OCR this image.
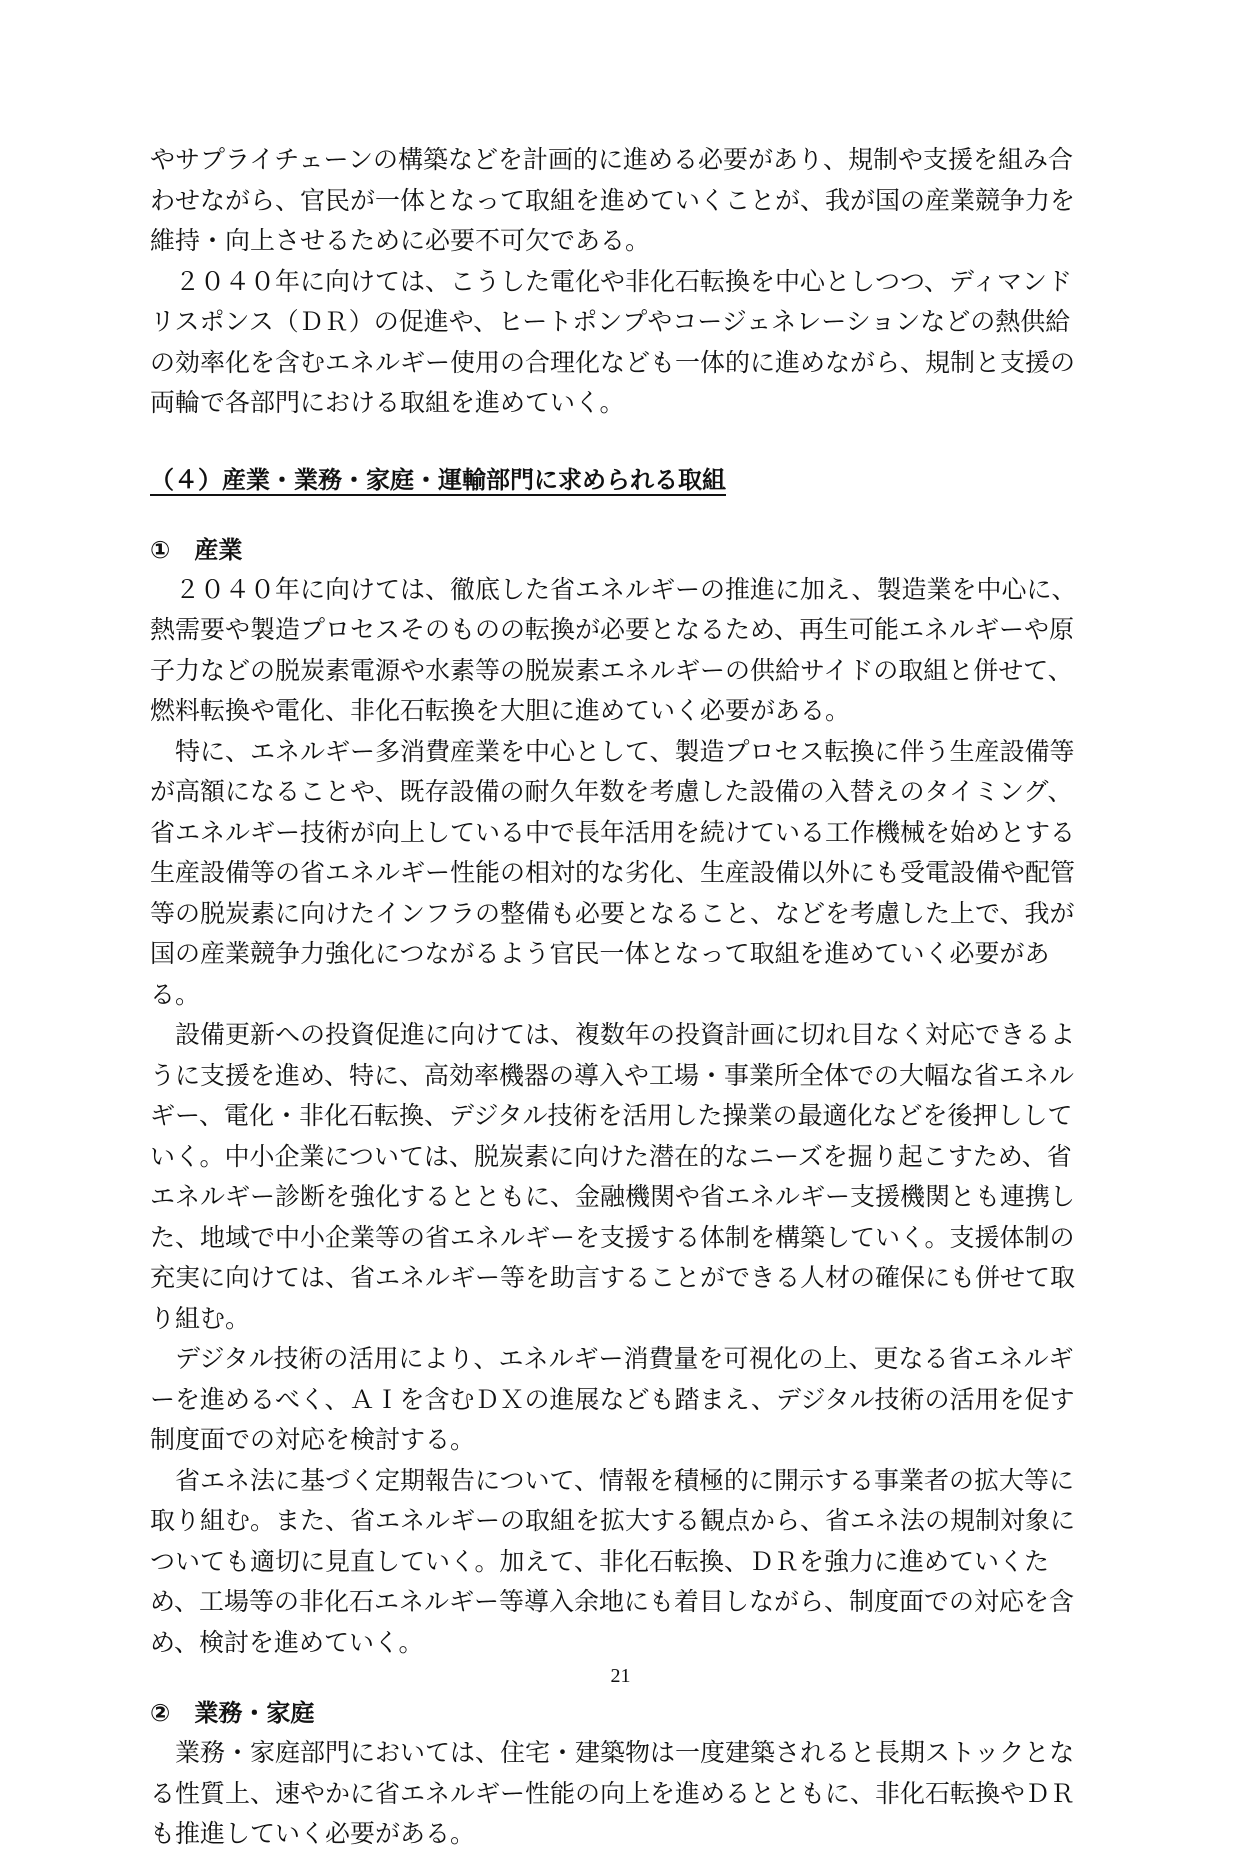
やサプライチェーンの構築などを計画的に進める必要があり、規制や支援を組み合わせながら、官民が一体となって取組を進めていくことが、我が国の産業競争力を維持・向上させるために必要不可欠である。

２０４０年に向けては、こうした電化や非化石転換を中心としつつ、ディマンドリスポンス（ＤＲ）の促進や、ヒートポンプやコージェネレーションなどの熱供給の効率化を含むエネルギー使用の合理化なども一体的に進めながら、規制と支援の両輪で各部門における取組を進めていく。

（４）産業・業務・家庭・運輸部門に求められる取組
①　産業

２０４０年に向けては、徹底した省エネルギーの推進に加え、製造業を中心に、熱需要や製造プロセスそのものの転換が必要となるため、再生可能エネルギーや原子力などの脱炭素電源や水素等の脱炭素エネルギーの供給サイドの取組と併せて、燃料転換や電化、非化石転換を大胆に進めていく必要がある。

特に、エネルギー多消費産業を中心として、製造プロセス転換に伴う生産設備等が高額になることや、既存設備の耐久年数を考慮した設備の入替えのタイミング、省エネルギー技術が向上している中で長年活用を続けている工作機械を始めとする生産設備等の省エネルギー性能の相対的な劣化、生産設備以外にも受電設備や配管等の脱炭素に向けたインフラの整備も必要となること、などを考慮した上で、我が国の産業競争力強化につながるよう官民一体となって取組を進めていく必要がある。

設備更新への投資促進に向けては、複数年の投資計画に切れ目なく対応できるように支援を進め、特に、高効率機器の導入や工場・事業所全体での大幅な省エネルギー、電化・非化石転換、デジタル技術を活用した操業の最適化などを後押ししていく。中小企業については、脱炭素に向けた潜在的なニーズを掘り起こすため、省エネルギー診断を強化するとともに、金融機関や省エネルギー支援機関とも連携した、地域で中小企業等の省エネルギーを支援する体制を構築していく。支援体制の充実に向けては、省エネルギー等を助言することができる人材の確保にも併せて取り組む。

デジタル技術の活用により、エネルギー消費量を可視化の上、更なる省エネルギーを進めるべく、ＡＩを含むＤＸの進展なども踏まえ、デジタル技術の活用を促す制度面での対応を検討する。

省エネ法に基づく定期報告について、情報を積極的に開示する事業者の拡大等に取り組む。また、省エネルギーの取組を拡大する観点から、省エネ法の規制対象についても適切に見直していく。加えて、非化石転換、ＤＲを強力に進めていくため、工場等の非化石エネルギー等導入余地にも着目しながら、制度面での対応を含め、検討を進めていく。

②　業務・家庭

業務・家庭部門においては、住宅・建築物は一度建築されると長期ストックとなる性質上、速やかに省エネルギー性能の向上を進めるとともに、非化石転換やＤＲも推進していく必要がある。

21
